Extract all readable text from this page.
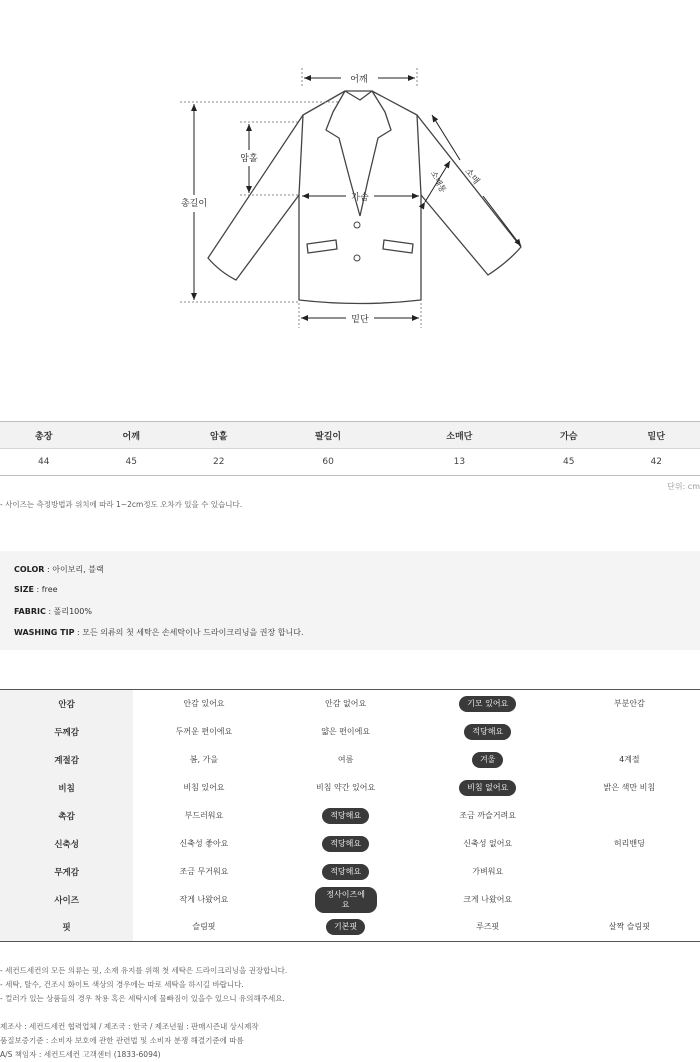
어깨
암홀
총길이
가슴
밑단
소매
소매통
총장	어깨	암홀	팔길이	소매단	가슴	밑단
44	45	22	60	13	45	42
단위: cm
- 사이즈는 측정방법과 위치에 따라 1~2cm정도 오차가 있을 수 있습니다.
COLOR : 아이보리, 블랙
SIZE : free
FABRIC : 폴리100%
WASHING TIP : 모든 의류의 첫 세탁은 손세탁이나 드라이크리닝을 권장 합니다.
안감	안감 있어요	안감 없어요	기모 있어요	부분안감
두께감	두꺼운 편이에요	얇은 편이에요	적당해요	
계절감	봄, 가을	여름	겨울	4계절
비침	비침 있어요	비침 약간 있어요	비침 없어요	밝은 색만 비침
촉감	부드러워요	적당해요	조금 까슬거려요	
신축성	신축성 좋아요	적당해요	신축성 없어요	허리밴딩
무게감	조금 무거워요	적당해요	가벼워요	
사이즈	작게 나왔어요	정사이즈에요	크게 나왔어요	
핏	슬림핏	기본핏	루즈핏	살짝 슬림핏
- 세컨드세컨의 모든 의류는 핏, 소재 유지를 위해 첫 세탁은 드라이크리닝을 권장합니다.
- 세탁, 탈수, 건조시 화이트 색상의 경우에는 따로 세탁을 하시길 바랍니다.
- 컬러가 있는 상품들의 경우 착용 혹은 세탁시에 물빠짐이 있을수 있으니 유의해주세요.
제조사 : 세컨드세컨 협력업체 / 제조국 : 한국 / 제조년월 : 판매시즌내 상시제작
품질보증기준 : 소비자 보호에 관한 관련법 및 소비자 분쟁 해결기준에 따름
A/S 책임자 : 세컨드세컨 고객센터 (1833-6094)
